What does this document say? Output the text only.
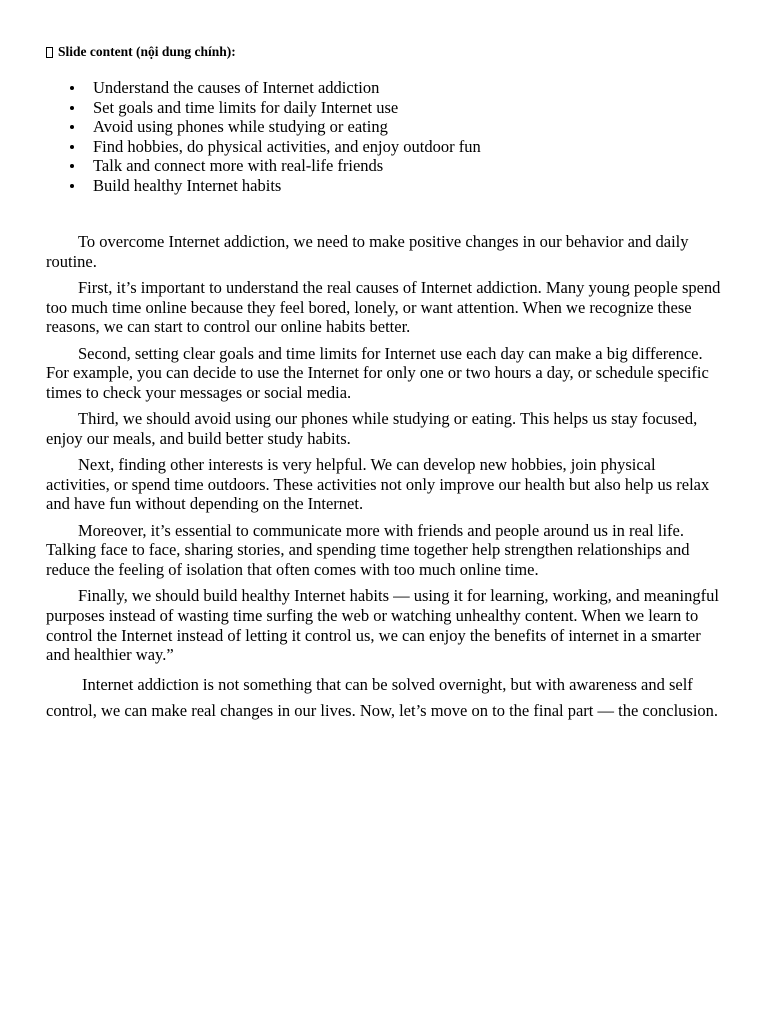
Slide content (nội dung chính):
Understand the causes of Internet addiction
Set goals and time limits for daily Internet use
Avoid using phones while studying or eating
Find hobbies, do physical activities, and enjoy outdoor fun
Talk and connect more with real-life friends
Build healthy Internet habits

To overcome Internet addiction, we need to make positive changes in our behavior and daily routine.

First, it’s important to understand the real causes of Internet addiction. Many young people spend too much time online because they feel bored, lonely, or want attention. When we recognize these reasons, we can start to control our online habits better.

Second, setting clear goals and time limits for Internet use each day can make a big difference. For example, you can decide to use the Internet for only one or two hours a day, or schedule specific times to check your messages or social media.

Third, we should avoid using our phones while studying or eating. This helps us stay focused, enjoy our meals, and build better study habits.

Next, finding other interests is very helpful. We can develop new hobbies, join physical activities, or spend time outdoors. These activities not only improve our health but also help us relax and have fun without depending on the Internet.

Moreover, it’s essential to communicate more with friends and people around us in real life. Talking face to face, sharing stories, and spending time together help strengthen relationships and reduce the feeling of isolation that often comes with too much online time.

Finally, we should build healthy Internet habits — using it for learning, working, and meaningful purposes instead of wasting time surfing the web or watching unhealthy content. When we learn to control the Internet instead of letting it control us, we can enjoy the benefits of internet in a smarter and healthier way.”

Internet addiction is not something that can be solved overnight, but with awareness and self control, we can make real changes in our lives. Now, let’s move on to the final part — the conclusion.
